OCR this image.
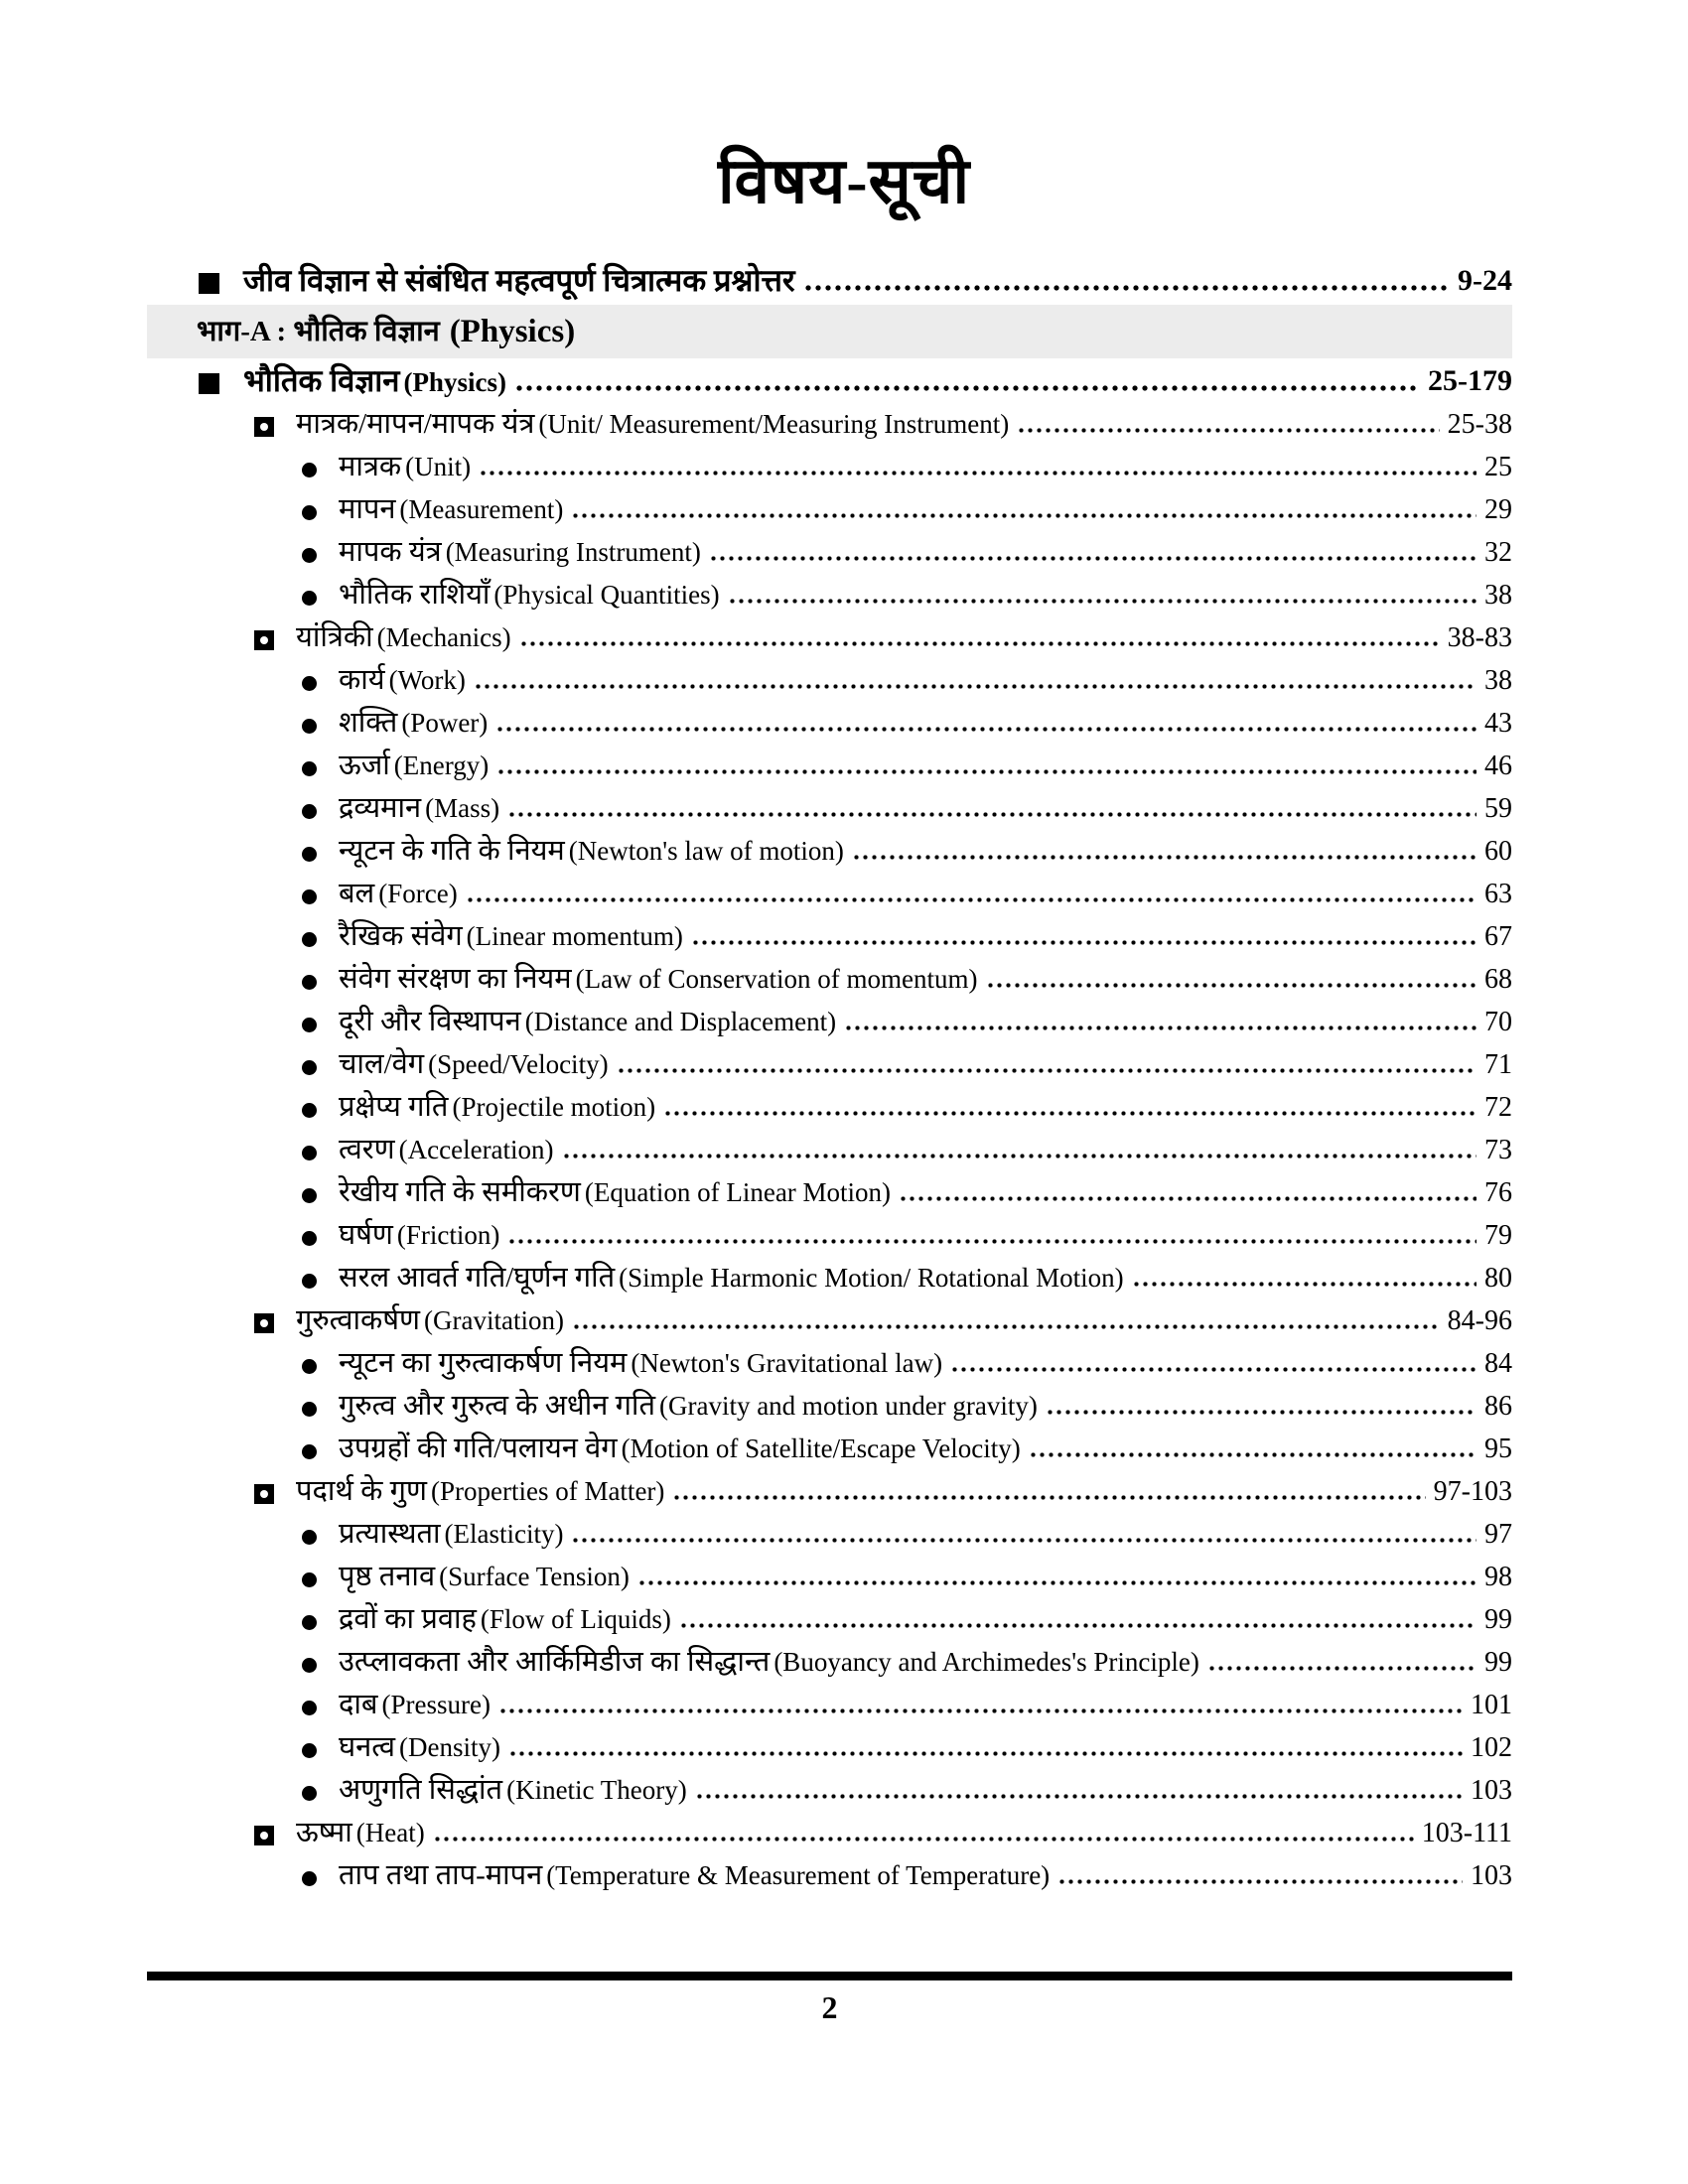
विषय-सूची
जीव विज्ञान से संबंधित महत्वपूर्ण चित्रात्मक प्रश्नोत्तर	9-24
भाग-A : भौतिक विज्ञान (Physics)
भौतिक विज्ञान (Physics)	25-179
मात्रक/मापन/मापक यंत्र (Unit/ Measurement/Measuring Instrument)	25-38
मात्रक (Unit)	25
मापन (Measurement)	29
मापक यंत्र (Measuring Instrument)	32
भौतिक राशियाँ (Physical Quantities)	38
यांत्रिकी (Mechanics)	38-83
कार्य (Work)	38
शक्ति (Power)	43
ऊर्जा (Energy)	46
द्रव्यमान (Mass)	59
न्यूटन के गति के नियम (Newton's law of motion)	60
बल (Force)	63
रैखिक संवेग (Linear momentum)	67
संवेग संरक्षण का नियम (Law of Conservation of momentum)	68
दूरी और विस्थापन (Distance and Displacement)	70
चाल/वेग (Speed/Velocity)	71
प्रक्षेप्य गति (Projectile motion)	72
त्वरण (Acceleration)	73
रेखीय गति के समीकरण (Equation of Linear Motion)	76
घर्षण (Friction)	79
सरल आवर्त गति/घूर्णन गति (Simple Harmonic Motion/ Rotational Motion)	80
गुरुत्वाकर्षण (Gravitation)	84-96
न्यूटन का गुरुत्वाकर्षण नियम (Newton's Gravitational law)	84
गुरुत्व और गुरुत्व के अधीन गति (Gravity and motion under gravity)	86
उपग्रहों की गति/पलायन वेग (Motion of Satellite/Escape Velocity)	95
पदार्थ के गुण (Properties of Matter)	97-103
प्रत्यास्थता (Elasticity)	97
पृष्ठ तनाव (Surface Tension)	98
द्रवों का प्रवाह (Flow of Liquids)	99
उत्प्लावकता और आर्किमिडीज का सिद्धान्त (Buoyancy and Archimedes's Principle)	99
दाब (Pressure)	101
घनत्व (Density)	102
अणुगति सिद्धांत (Kinetic Theory)	103
ऊष्मा (Heat)	103-111
ताप तथा ताप-मापन (Temperature & Measurement of Temperature)	103
2
